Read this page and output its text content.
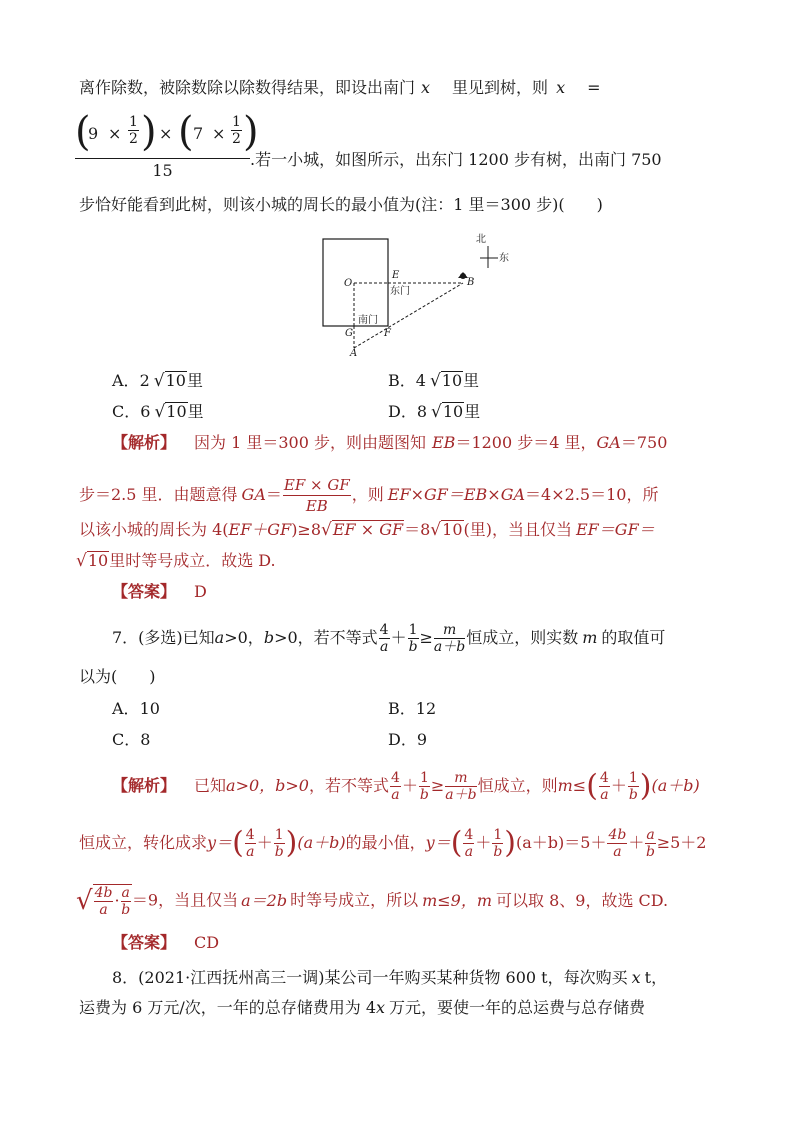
离作除数，被除数除以除数得结果，即设出南门 x 里见到树，则 x =
(
$9 \times \frac{1}{2}$ ) × ( $7 \times \frac{1}{2}$ )
15
.若一小城，如图所示，出东门 1200 步有树，出南门 750
步恰好能看到此树，则该小城的周长的最小值为(注：1 里＝300 步)(　　)
北
东
O
E
东门
B
南门
G	F
A
A．2 √10里	B．4 √10里
C．6 √10里	D．8 √10里
【解析】 因为 1 里＝300 步，则由题图知 EB＝1200 步＝4 里，GA＝750
步＝2.5 里．由题意得 $GA= \frac{EF \times GF}{EB}$ ，则 EF×GF＝EB×GA＝4×2.5＝10，所
以该小城的周长为 4(EF＋GF)≥8√EF × GF＝8√10(里)，当且仅当 EF＝GF＝
√10里时等号成立．故选 D.
【答案】 D
7．(多选)已知a>0，b>0，若不等式 $\frac{4}{a} + \frac{1}{b} \ge \frac{m}{a+b}$ 恒成立，则实数 m 的取值可
以为(　　)
A．10	B．12
C．8	D．9
【解析】 已知a>0，b>0，若不等式 $\frac{4}{a} + \frac{1}{b} \ge \frac{m}{a+b}$ 恒成立，则$m\le( \frac{4}{a} + \frac{1}{b} )(a+b)$
恒成立，转化成求$y=( \frac{4}{a} + \frac{1}{b} )(a+b)$的最小值，$y=( \frac{4}{a} + \frac{1}{b} )(a+b)=5+ \frac{4b}{a} + \frac{a}{b} \ge 5+2$
√ $\frac{4b}{a} \cdot \frac{a}{b} =9$，当且仅当 a＝2b 时等号成立，所以 m≤9，m 可以取 8、9，故选 CD.
【答案】 CD
8．(2021·江西抚州高三一调)某公司一年购买某种货物 600 t，每次购买 x t，
运费为 6 万元/次，一年的总存储费用为 4x 万元，要使一年的总运费与总存储费
